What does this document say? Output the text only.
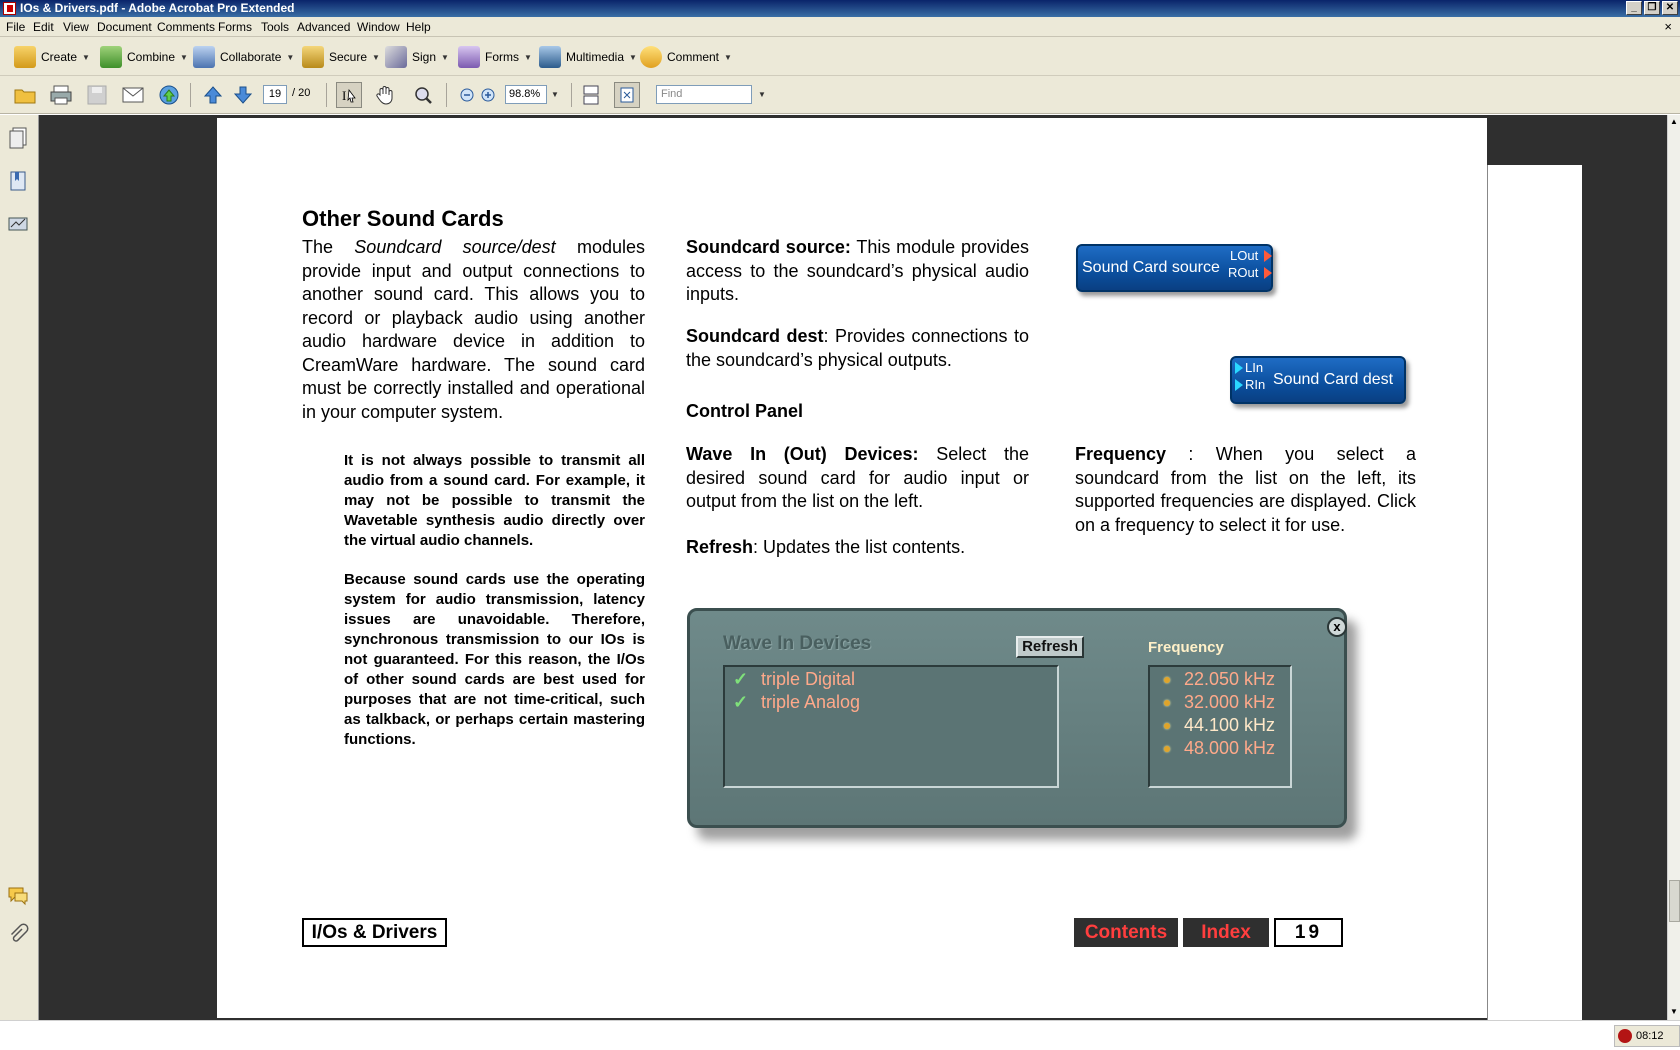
IOs & Drivers.pdf - Adobe Acrobat Pro Extended	_	❐ ✕
File Edit View Document Comments Forms Tools Advanced Window Help	×
Create ▼	Combine ▼	Collaborate ▼	Secure ▼	Sign ▼	Forms ▼	Multimedia ▼	Comment ▼
19 / 20 I	98.8%	▼	Find	▼
Other Sound Cards
The Soundcard source/dest modules provide input and output connections to another sound card. This allows you to record or playback audio using another audio hardware device in addition to CreamWare hardware. The sound card must be correctly installed and operational in your computer system.
It is not always possible to transmit all audio from a sound card. For example, it may not be possible to transmit the Wavetable synthesis audio directly over the virtual audio channels.
Because sound cards use the operating system for audio transmission, latency issues are unavoidable. Therefore, synchronous transmission to our IOs is not guaranteed. For this reason, the I/Os of other sound cards are best used for purposes that are not time-critical, such as talkback, or perhaps certain mastering functions.
Soundcard source: This module provides access to the soundcard’s physical audio inputs.
Soundcard dest: Provides connections to the soundcard’s physical outputs.
Control Panel
Wave In (Out) Devices: Select the desired sound card for audio input or output from the list on the left.
Refresh: Updates the list contents.
Frequency : When you select a soundcard from the list on the left, its supported frequencies are displayed. Click on a frequency to select it for use.
Sound Card source
LOut
ROut
LIn
RIn Sound Card dest
Wave In Devices	Refresh
x
✓ triple Digital
✓ triple Analog
Frequency
22.050 kHz
32.000 kHz
44.100 kHz
48.000 kHz
I/Os & Drivers	Contents	Index	19
▲
▼
08:12
